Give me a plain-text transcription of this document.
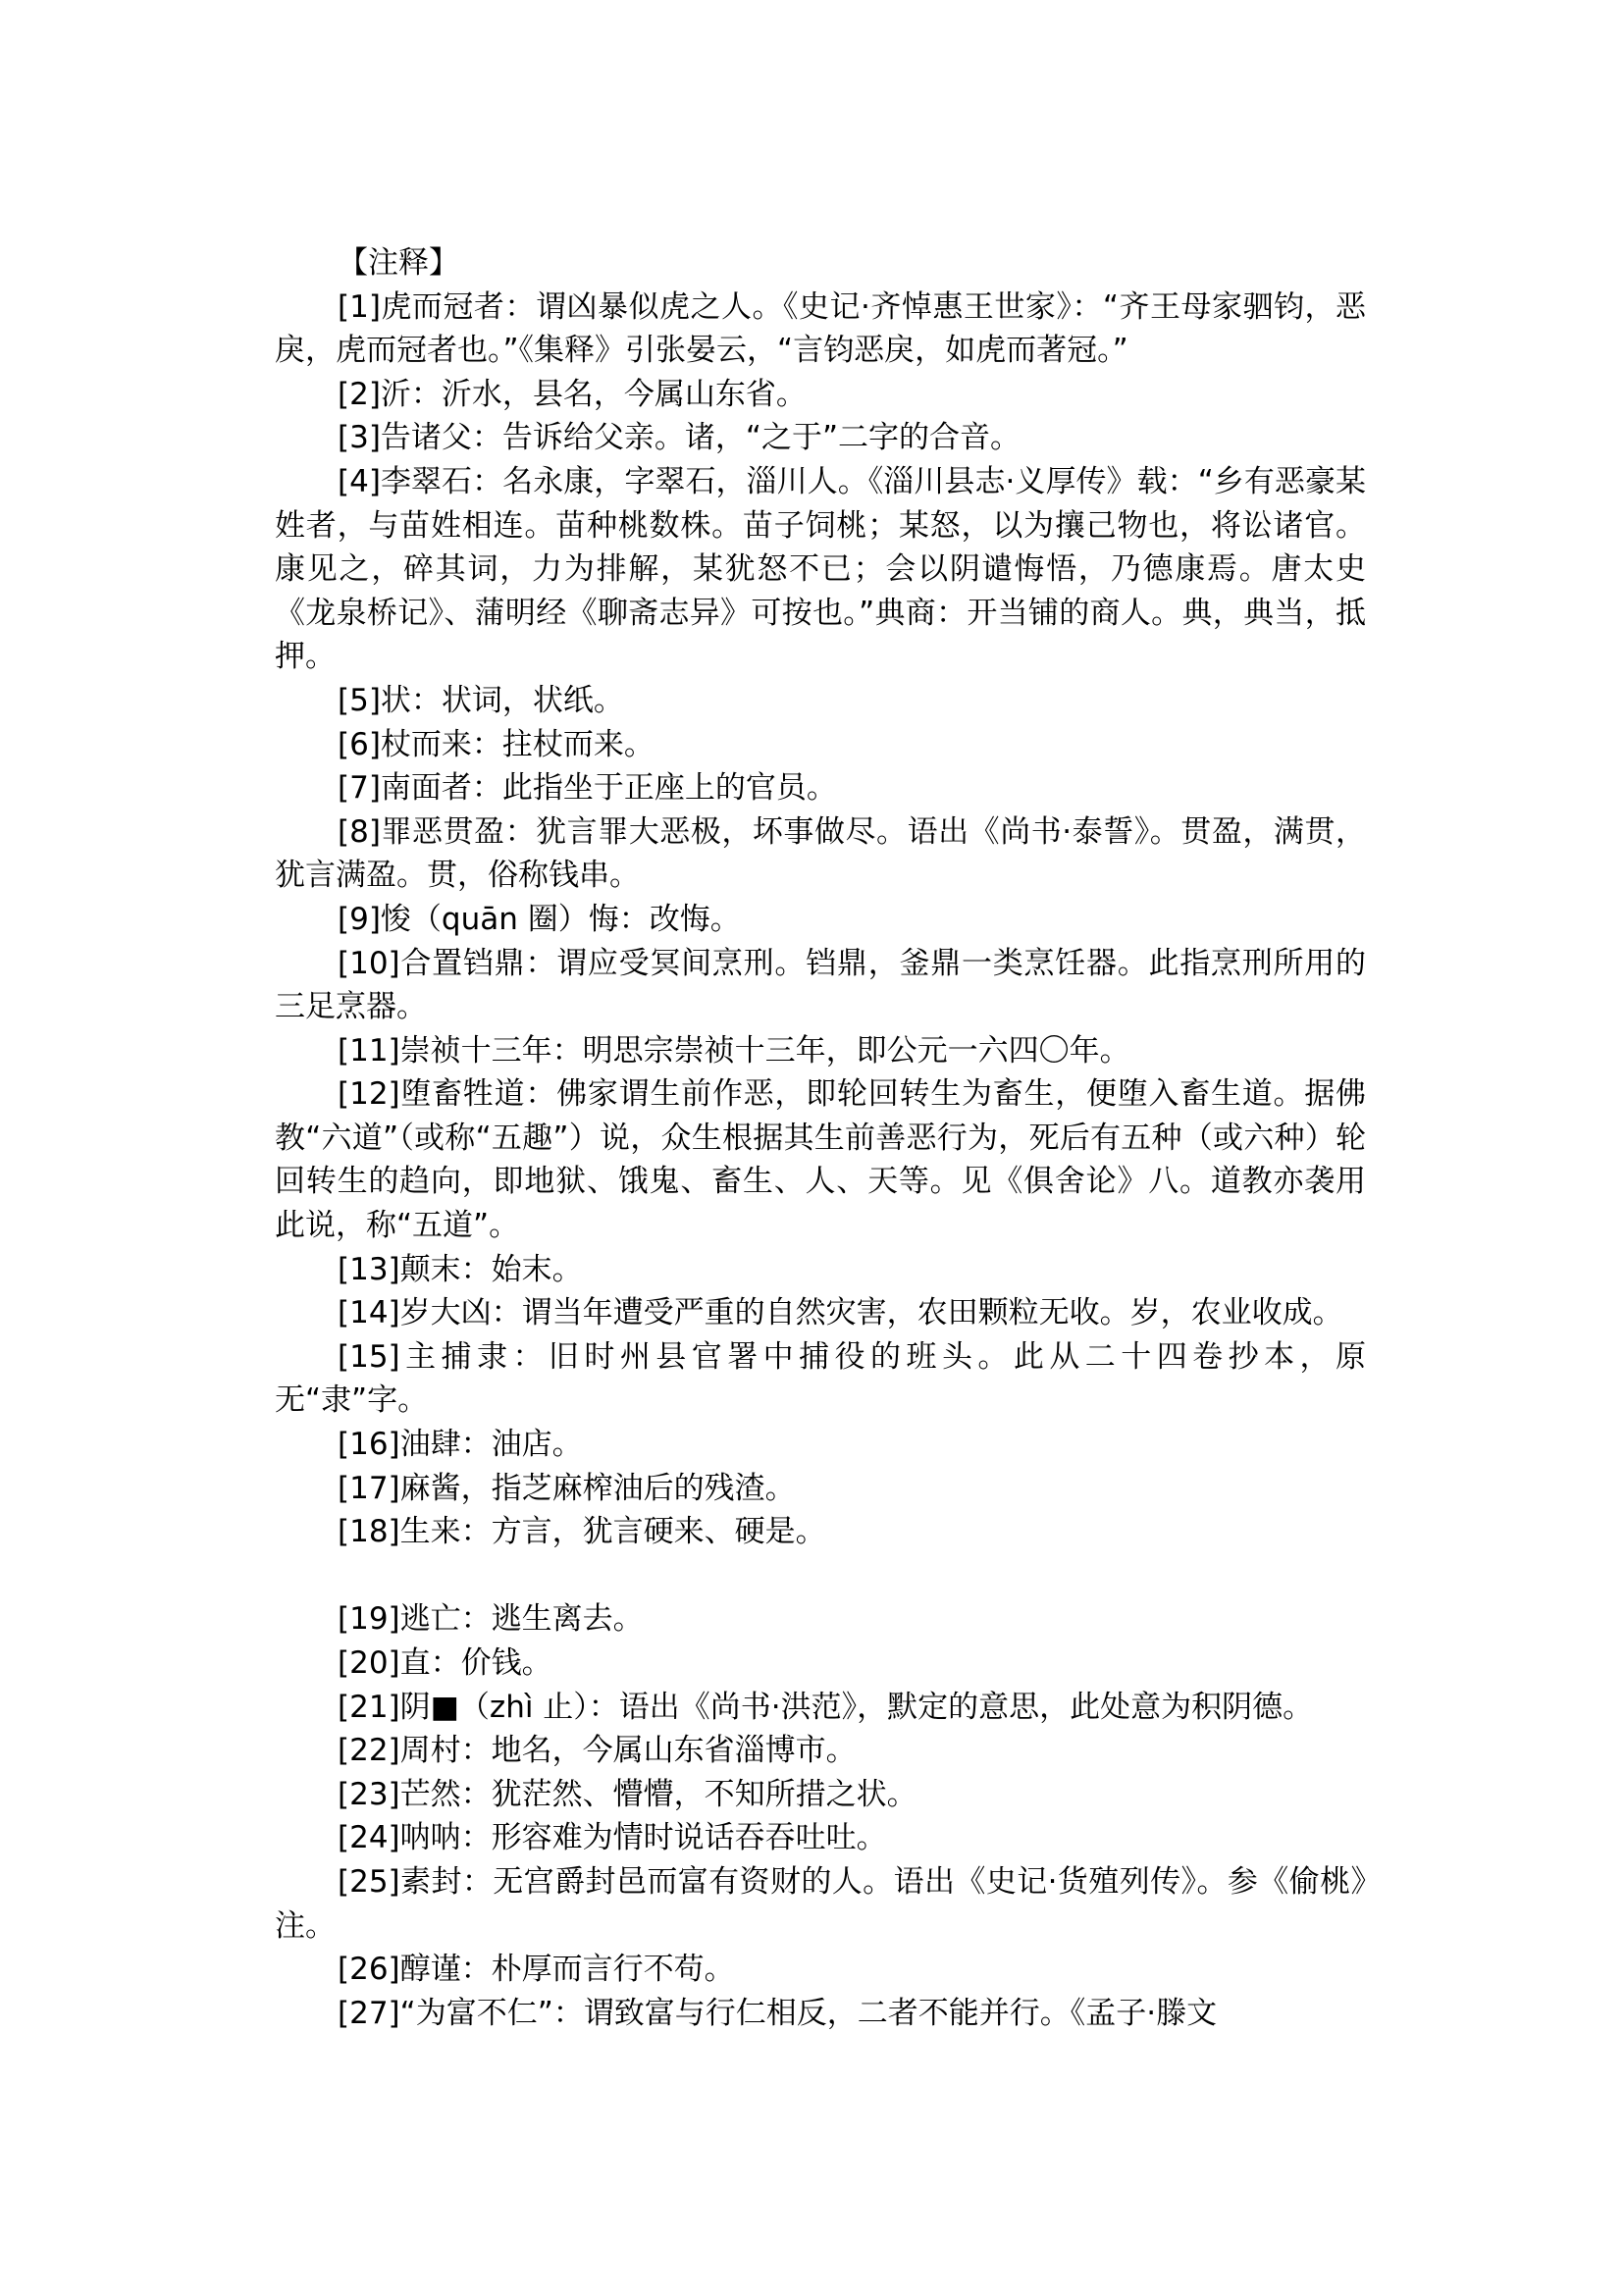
【注释】
[1]虎而冠者：谓凶暴似虎之人。《史记·齐悼惠王世家》：“齐王母家驷钧，恶戾，虎而冠者也。”《集释》引张晏云，“言钧恶戾，如虎而著冠。”
[2]沂：沂水，县名，今属山东省。
[3]告诸父：告诉给父亲。诸，“之于”二字的合音。
[4]李翠石：名永康，字翠石，淄川人。《淄川县志·义厚传》载：“乡有恶豪某姓者，与苗姓相连。苗种桃数株。苗子饲桃；某怒，以为攘己物也，将讼诸官。康见之，碎其词，力为排解，某犹怒不已；会以阴谴悔悟，乃德康焉。唐太史《龙泉桥记》、蒲明经《聊斋志异》可按也。”典商：开当铺的商人。典，典当，抵押。
[5]状：状词，状纸。
[6]杖而来：拄杖而来。
[7]南面者：此指坐于正座上的官员。
[8]罪恶贯盈：犹言罪大恶极，坏事做尽。语出《尚书·泰誓》。贯盈，满贯，犹言满盈。贯，俗称钱串。
[9]悛（quān 圈）悔：改悔。
[10]合置铛鼎：谓应受冥间烹刑。铛鼎，釜鼎一类烹饪器。此指烹刑所用的三足烹器。
[11]崇祯十三年：明思宗崇祯十三年，即公元一六四〇年。
[12]堕畜牲道：佛家谓生前作恶，即轮回转生为畜生，便堕入畜生道。据佛教“六道”（或称“五趣”）说，众生根据其生前善恶行为，死后有五种（或六种）轮回转生的趋向，即地狱、饿鬼、畜生、人、天等。见《俱舍论》八。道教亦袭用此说，称“五道”。
[13]颠末：始末。
[14]岁大凶：谓当年遭受严重的自然灾害，农田颗粒无收。岁，农业收成。
[15]主捕隶：旧时州县官署中捕役的班头。此从二十四卷抄本，原无“隶”字。
[16]油肆：油店。
[17]麻酱，指芝麻榨油后的残渣。
[18]生来：方言，犹言硬来、硬是。
[19]逃亡：逃生离去。
[20]直：价钱。
[21]阴■（zhì 止）：语出《尚书·洪范》，默定的意思，此处意为积阴德。
[22]周村：地名，今属山东省淄博市。
[23]芒然：犹茫然、懵懵，不知所措之状。
[24]呐呐：形容难为情时说话吞吞吐吐。
[25]素封：无宫爵封邑而富有资财的人。语出《史记·货殖列传》。参《偷桃》注。
[26]醇谨：朴厚而言行不苟。
[27]“为富不仁”：谓致富与行仁相反，二者不能并行。《孟子·滕文
